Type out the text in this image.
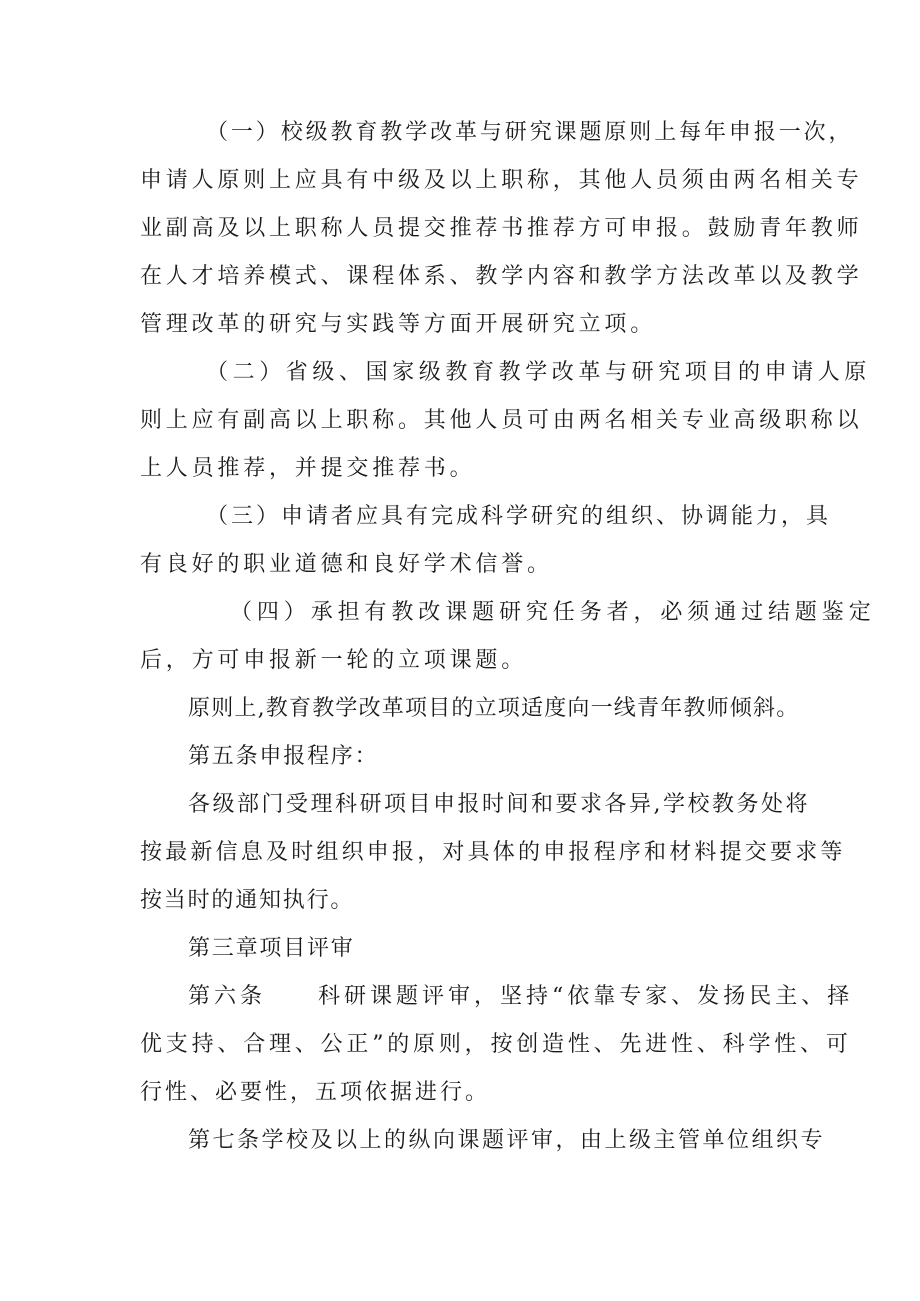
（一）校级教育教学改革与研究课题原则上每年申报一次，
申请人原则上应具有中级及以上职称，其他人员须由两名相关专
业副高及以上职称人员提交推荐书推荐方可申报。鼓励青年教师
在人才培养模式、课程体系、教学内容和教学方法改革以及教学
管理改革的研究与实践等方面开展研究立项。
（二）省级、国家级教育教学改革与研究项目的申请人原
则上应有副高以上职称。其他人员可由两名相关专业高级职称以
上人员推荐，并提交推荐书。
（三）申请者应具有完成科学研究的组织、协调能力，具
有良好的职业道德和良好学术信誉。
（四）承担有教改课题研究任务者，必须通过结题鉴定
后，方可申报新一轮的立项课题。
原则上,教育教学改革项目的立项适度向一线青年教师倾斜。
第五条申报程序：
各级部门受理科研项目申报时间和要求各异,学校教务处将
按最新信息及时组织申报，对具体的申报程序和材料提交要求等
按当时的通知执行。
第三章项目评审
第六条　　科研课题评审，坚持“依靠专家、发扬民主、择
优支持、合理、公正”的原则，按创造性、先进性、科学性、可
行性、必要性，五项依据进行。
第七条学校及以上的纵向课题评审，由上级主管单位组织专
